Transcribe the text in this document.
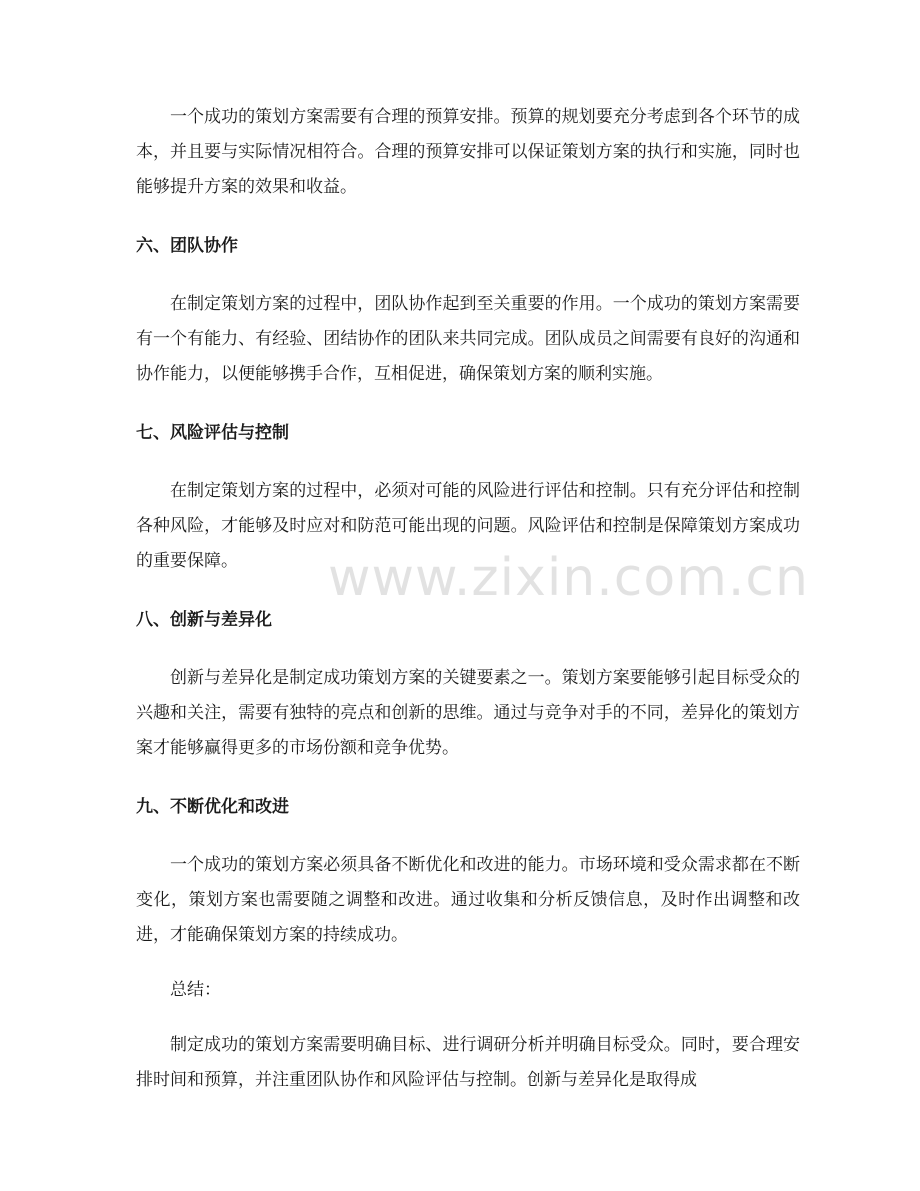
一个成功的策划方案需要有合理的预算安排。预算的规划要充分考虑到各个环节的成本，并且要与实际情况相符合。合理的预算安排可以保证策划方案的执行和实施，同时也能够提升方案的效果和收益。

六、团队协作

在制定策划方案的过程中，团队协作起到至关重要的作用。一个成功的策划方案需要有一个有能力、有经验、团结协作的团队来共同完成。团队成员之间需要有良好的沟通和协作能力，以便能够携手合作，互相促进，确保策划方案的顺利实施。

七、风险评估与控制

在制定策划方案的过程中，必须对可能的风险进行评估和控制。只有充分评估和控制各种风险，才能够及时应对和防范可能出现的问题。风险评估和控制是保障策划方案成功的重要保障。

八、创新与差异化

创新与差异化是制定成功策划方案的关键要素之一。策划方案要能够引起目标受众的兴趣和关注，需要有独特的亮点和创新的思维。通过与竞争对手的不同，差异化的策划方案才能够赢得更多的市场份额和竞争优势。

九、不断优化和改进

一个成功的策划方案必须具备不断优化和改进的能力。市场环境和受众需求都在不断变化，策划方案也需要随之调整和改进。通过收集和分析反馈信息，及时作出调整和改进，才能确保策划方案的持续成功。

总结：

制定成功的策划方案需要明确目标、进行调研分析并明确目标受众。同时，要合理安排时间和预算，并注重团队协作和风险评估与控制。创新与差异化是取得成

www.zixin.com.cn
